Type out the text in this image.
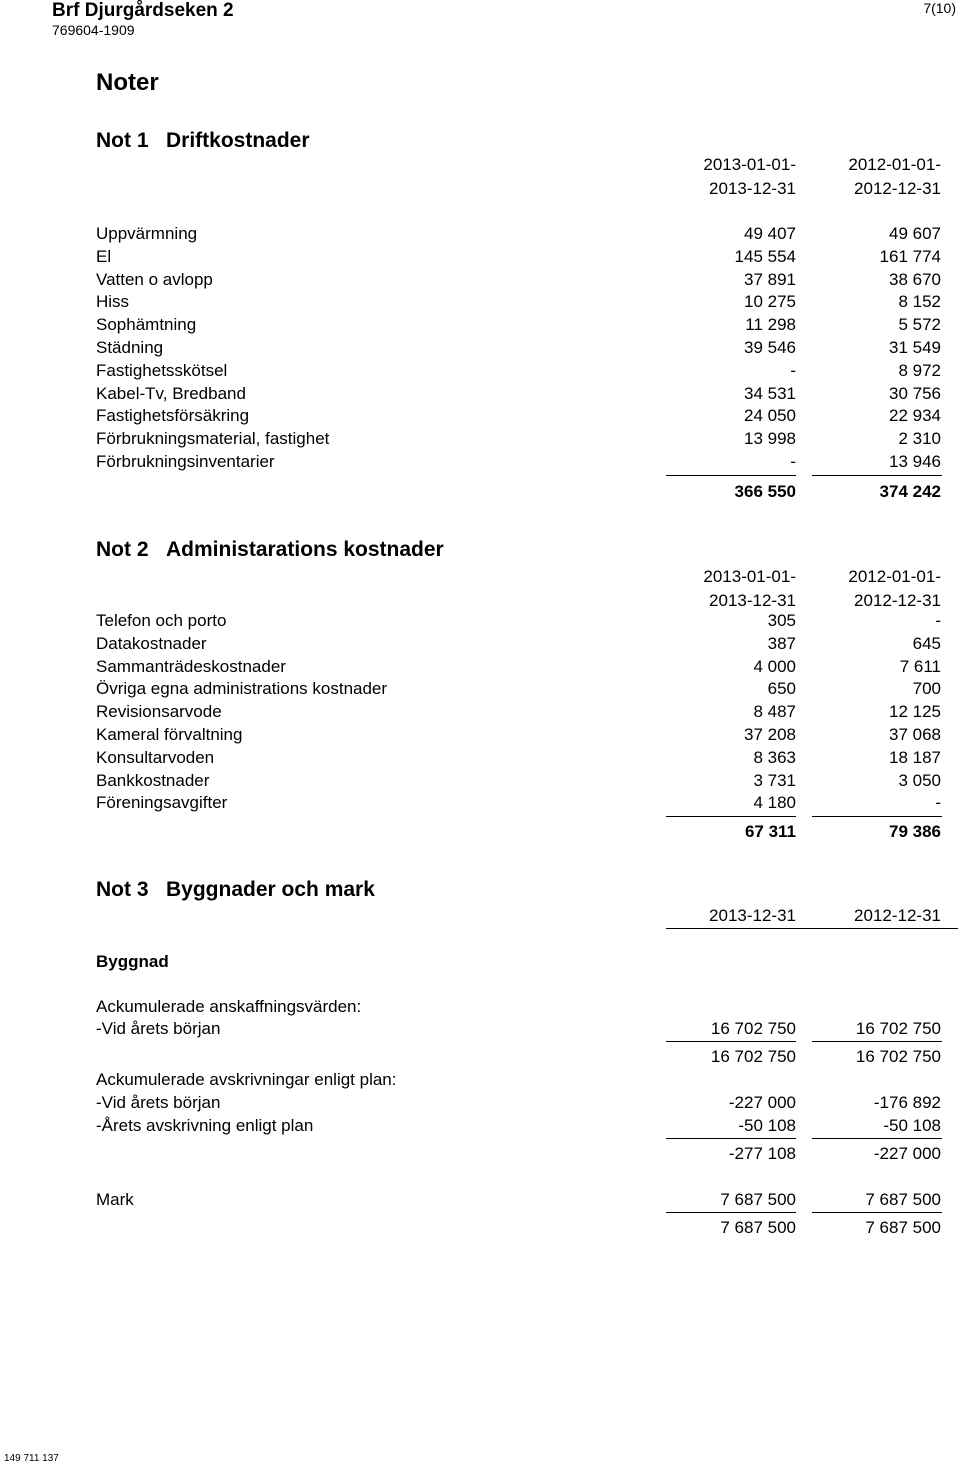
Brf Djurgårdseken 2
769604-1909
7(10)
Noter
Not 1 Driftkostnader
2013-01-01-
2013-12-31
2012-01-01-
2012-12-31
Uppvärmning	49 407	49 607
El	145 554	161 774
Vatten o avlopp	37 891	38 670
Hiss	10 275	8 152
Sophämtning	11 298	5 572
Städning	39 546	31 549
Fastighetsskötsel	-	8 972
Kabel-Tv, Bredband	34 531	30 756
Fastighetsförsäkring	24 050	22 934
Förbrukningsmaterial, fastighet	13 998	2 310
Förbrukningsinventarier	-	13 946
366 550	374 242
Not 2 Administarations kostnader
2013-01-01-
2013-12-31
2012-01-01-
2012-12-31
Telefon och porto	305	-
Datakostnader	387	645
Sammanträdeskostnader	4 000	7 611
Övriga egna administrations kostnader	650	700
Revisionsarvode	8 487	12 125
Kameral förvaltning	37 208	37 068
Konsultarvoden	8 363	18 187
Bankkostnader	3 731	3 050
Föreningsavgifter	4 180	-
67 311	79 386
Not 3 Byggnader och mark
2013-12-31	2012-12-31
Byggnad
Ackumulerade anskaffningsvärden:
-Vid årets början	16 702 750	16 702 750
16 702 750	16 702 750
Ackumulerade avskrivningar enligt plan:
-Vid årets början	-227 000	-176 892
-Årets avskrivning enligt plan	-50 108	-50 108
-277 108	-227 000
Mark	7 687 500	7 687 500
7 687 500	7 687 500
149 711 137
